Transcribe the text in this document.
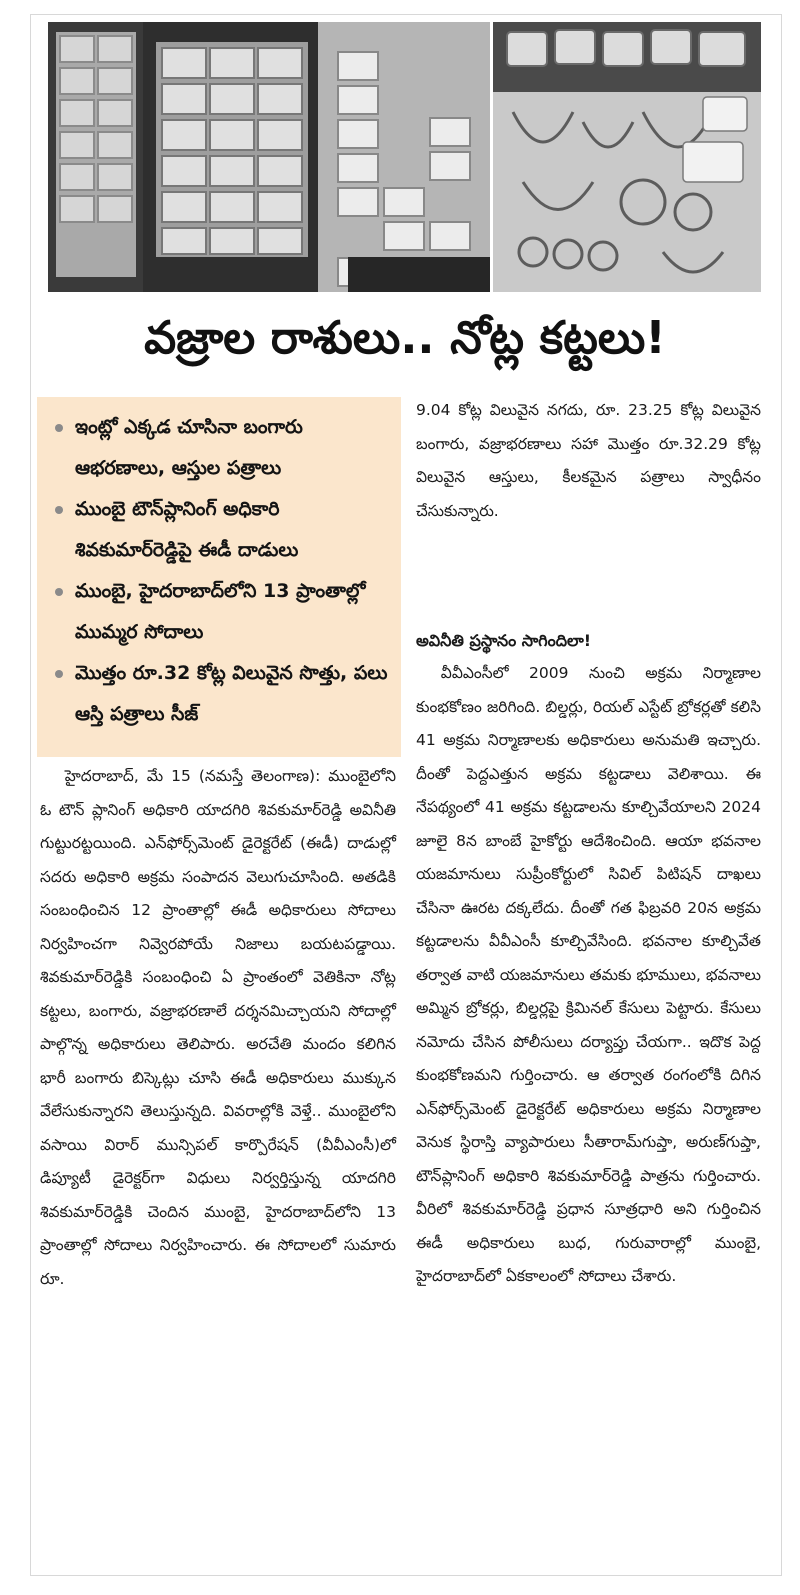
వజ్రాల రాశులు.. నోట్ల కట్టలు!
ఇంట్లో ఎక్కడ చూసినా బంగారు ఆభరణాలు, ఆస్తుల పత్రాలు
ముంబై టౌన్‌ప్లానింగ్ అధికారి శివకుమార్‌రెడ్డిపై ఈడీ దాడులు
ముంబై, హైదరాబాద్‌లోని 13 ప్రాంతాల్లో ముమ్మర సోదాలు
మొత్తం రూ.32 కోట్ల విలువైన సొత్తు, పలు ఆస్తి పత్రాలు సీజ్

హైదరాబాద్, మే 15 (నమస్తే తెలంగాణ): ముంబైలోని ఓ టౌన్ ప్లానింగ్ అధికారి యాదగిరి శివకుమార్‌రెడ్డి అవినీతి గుట్టురట్టయింది. ఎన్‌ఫోర్స్‌మెంట్ డైరెక్టరేట్ (ఈడీ) దాడుల్లో సదరు అధికారి అక్రమ సంపాదన వెలుగుచూసింది. అతడికి సంబంధించిన 12 ప్రాంతాల్లో ఈడీ అధికారులు సోదాలు నిర్వహించగా నివ్వెరపోయే నిజాలు బయటపడ్డాయి. శివకుమార్‌రెడ్డికి సంబంధించి ఏ ప్రాంతంలో వెతికినా నోట్ల కట్టలు, బంగారు, వజ్రాభరణాలే దర్శనమిచ్చాయని సోదాల్లో పాల్గొన్న అధికారులు తెలిపారు. అరచేతి మందం కలిగిన భారీ బంగారు బిస్కెట్లు చూసి ఈడీ అధికారులు ముక్కున వేలేసుకున్నారని తెలుస్తున్నది. వివరాల్లోకి వెళ్తే.. ముంబైలోని వసాయి విరార్ మున్సిపల్ కార్పొరేషన్ (వీవీఎంసీ)లో డిప్యూటీ డైరెక్టర్‌గా విధులు నిర్వర్తిస్తున్న యాదగిరి శివకుమార్‌రెడ్డికి చెందిన ముంబై, హైదరాబాద్‌లోని 13 ప్రాంతాల్లో సోదాలు నిర్వహించారు. ఈ సోదాలలో సుమారు రూ.

9.04 కోట్ల విలువైన నగదు, రూ. 23.25 కోట్ల విలువైన బంగారు, వజ్రాభరణాలు సహా మొత్తం రూ.32.29 కోట్ల విలువైన ఆస్తులు, కీలకమైన పత్రాలు స్వాధీనం చేసుకున్నారు.

అవినీతి ప్రస్థానం సాగిందిలా!

వీవీఎంసీలో 2009 నుంచి అక్రమ నిర్మాణాల కుంభకోణం జరిగింది. బిల్డర్లు, రియల్ ఎస్టేట్ బ్రోకర్లతో కలిసి 41 అక్రమ నిర్మాణాలకు అధికారులు అనుమతి ఇచ్చారు. దీంతో పెద్దఎత్తున అక్రమ కట్టడాలు వెలిశాయి. ఈ నేపథ్యంలో 41 అక్రమ కట్టడాలను కూల్చివేయాలని 2024 జూలై 8న బాంబే హైకోర్టు ఆదేశించింది. ఆయా భవనాల యజమానులు సుప్రీంకోర్టులో సివిల్ పిటిషన్ దాఖలు చేసినా ఊరట దక్కలేదు. దీంతో గత ఫిబ్రవరి 20న అక్రమ కట్టడాలను వీవీఎంసీ కూల్చివేసింది. భవనాల కూల్చివేత తర్వాత వాటి యజమానులు తమకు భూములు, భవనాలు అమ్మిన బ్రోకర్లు, బిల్డర్లపై క్రిమినల్ కేసులు పెట్టారు. కేసులు నమోదు చేసిన పోలీసులు దర్యాప్తు చేయగా.. ఇదొక పెద్ద కుంభకోణమని గుర్తించారు. ఆ తర్వాత రంగంలోకి దిగిన ఎన్‌ఫోర్స్‌మెంట్ డైరెక్టరేట్ అధికారులు అక్రమ నిర్మాణాల వెనుక స్థిరాస్తి వ్యాపారులు సీతారామ్‌గుప్తా, అరుణ్‌గుప్తా, టౌన్‌ప్లానింగ్ అధికారి శివకుమార్‌రెడ్డి పాత్రను గుర్తించారు. వీరిలో శివకుమార్‌రెడ్డి ప్రధాన సూత్రధారి అని గుర్తించిన ఈడీ అధికారులు బుధ, గురువారాల్లో ముంబై, హైదరాబాద్‌లో ఏకకాలంలో సోదాలు చేశారు.
